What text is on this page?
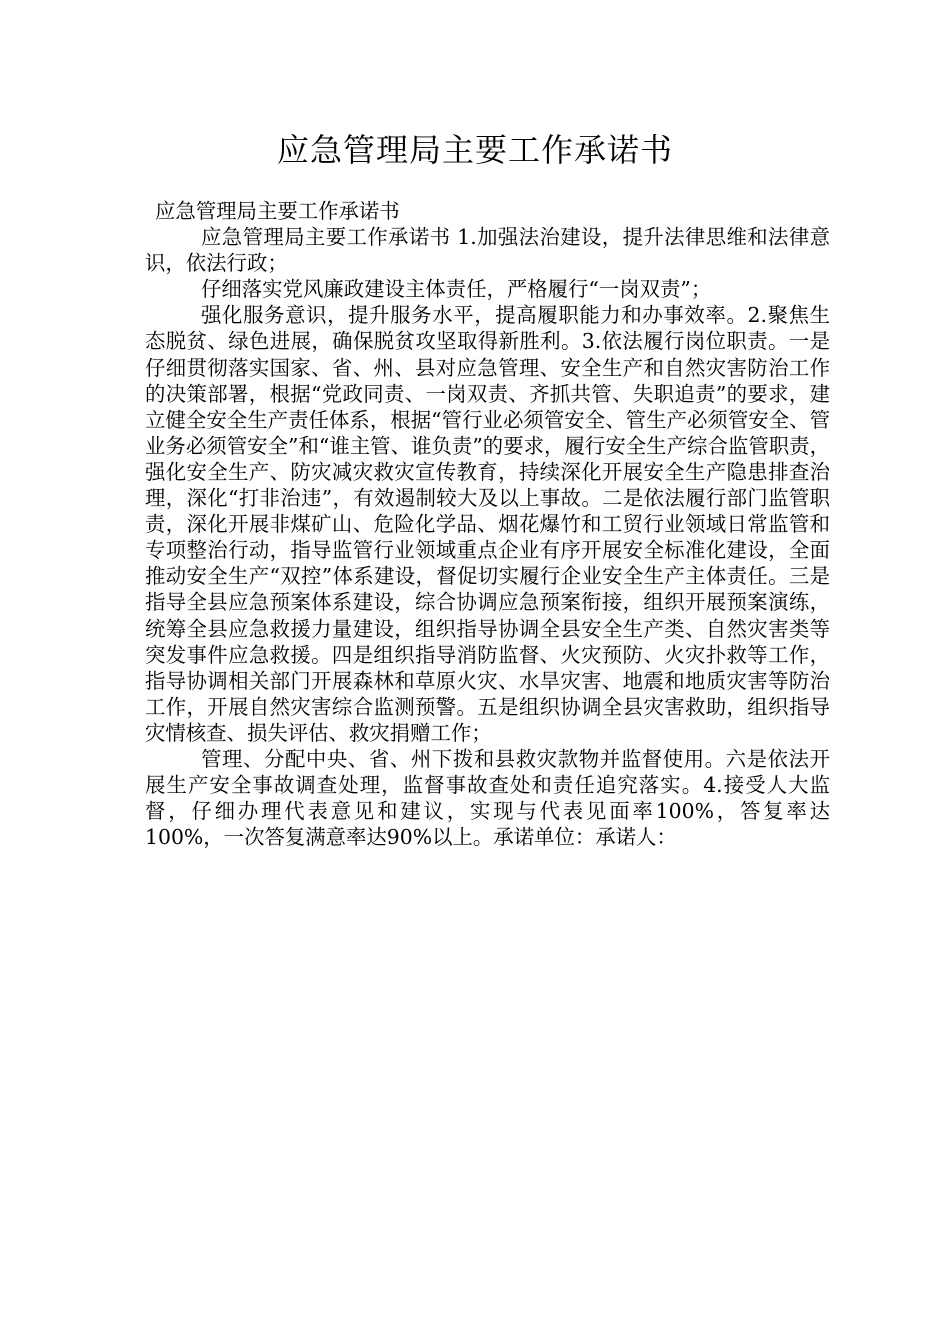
应急管理局主要工作承诺书

应急管理局主要工作承诺书

应急管理局主要工作承诺书 1.加强法治建设，提升法律思维和法律意识，依法行政；

仔细落实党风廉政建设主体责任，严格履行“一岗双责”；

强化服务意识，提升服务水平，提高履职能力和办事效率。2.聚焦生态脱贫、绿色进展，确保脱贫攻坚取得新胜利。3.依法履行岗位职责。一是仔细贯彻落实国家、省、州、县对应急管理、安全生产和自然灾害防治工作的决策部署，根据“党政同责、一岗双责、齐抓共管、失职追责”的要求，建立健全安全生产责任体系，根据“管行业必须管安全、管生产必须管安全、管业务必须管安全”和“谁主管、谁负责”的要求，履行安全生产综合监管职责，强化安全生产、防灾减灾救灾宣传教育，持续深化开展安全生产隐患排查治理，深化“打非治违”，有效遏制较大及以上事故。二是依法履行部门监管职责，深化开展非煤矿山、危险化学品、烟花爆竹和工贸行业领域日常监管和专项整治行动，指导监管行业领域重点企业有序开展安全标准化建设，全面推动安全生产“双控”体系建设，督促切实履行企业安全生产主体责任。三是指导全县应急预案体系建设，综合协调应急预案衔接，组织开展预案演练，统筹全县应急救援力量建设，组织指导协调全县安全生产类、自然灾害类等突发事件应急救援。四是组织指导消防监督、火灾预防、火灾扑救等工作，指导协调相关部门开展森林和草原火灾、水旱灾害、地震和地质灾害等防治工作，开展自然灾害综合监测预警。五是组织协调全县灾害救助，组织指导灾情核查、损失评估、救灾捐赠工作；

管理、分配中央、省、州下拨和县救灾款物并监督使用。六是依法开展生产安全事故调查处理，监督事故查处和责任追究落实。4.接受人大监督，仔细办理代表意见和建议，实现与代表见面率100%，答复率达100%，一次答复满意率达90%以上。承诺单位：承诺人：
